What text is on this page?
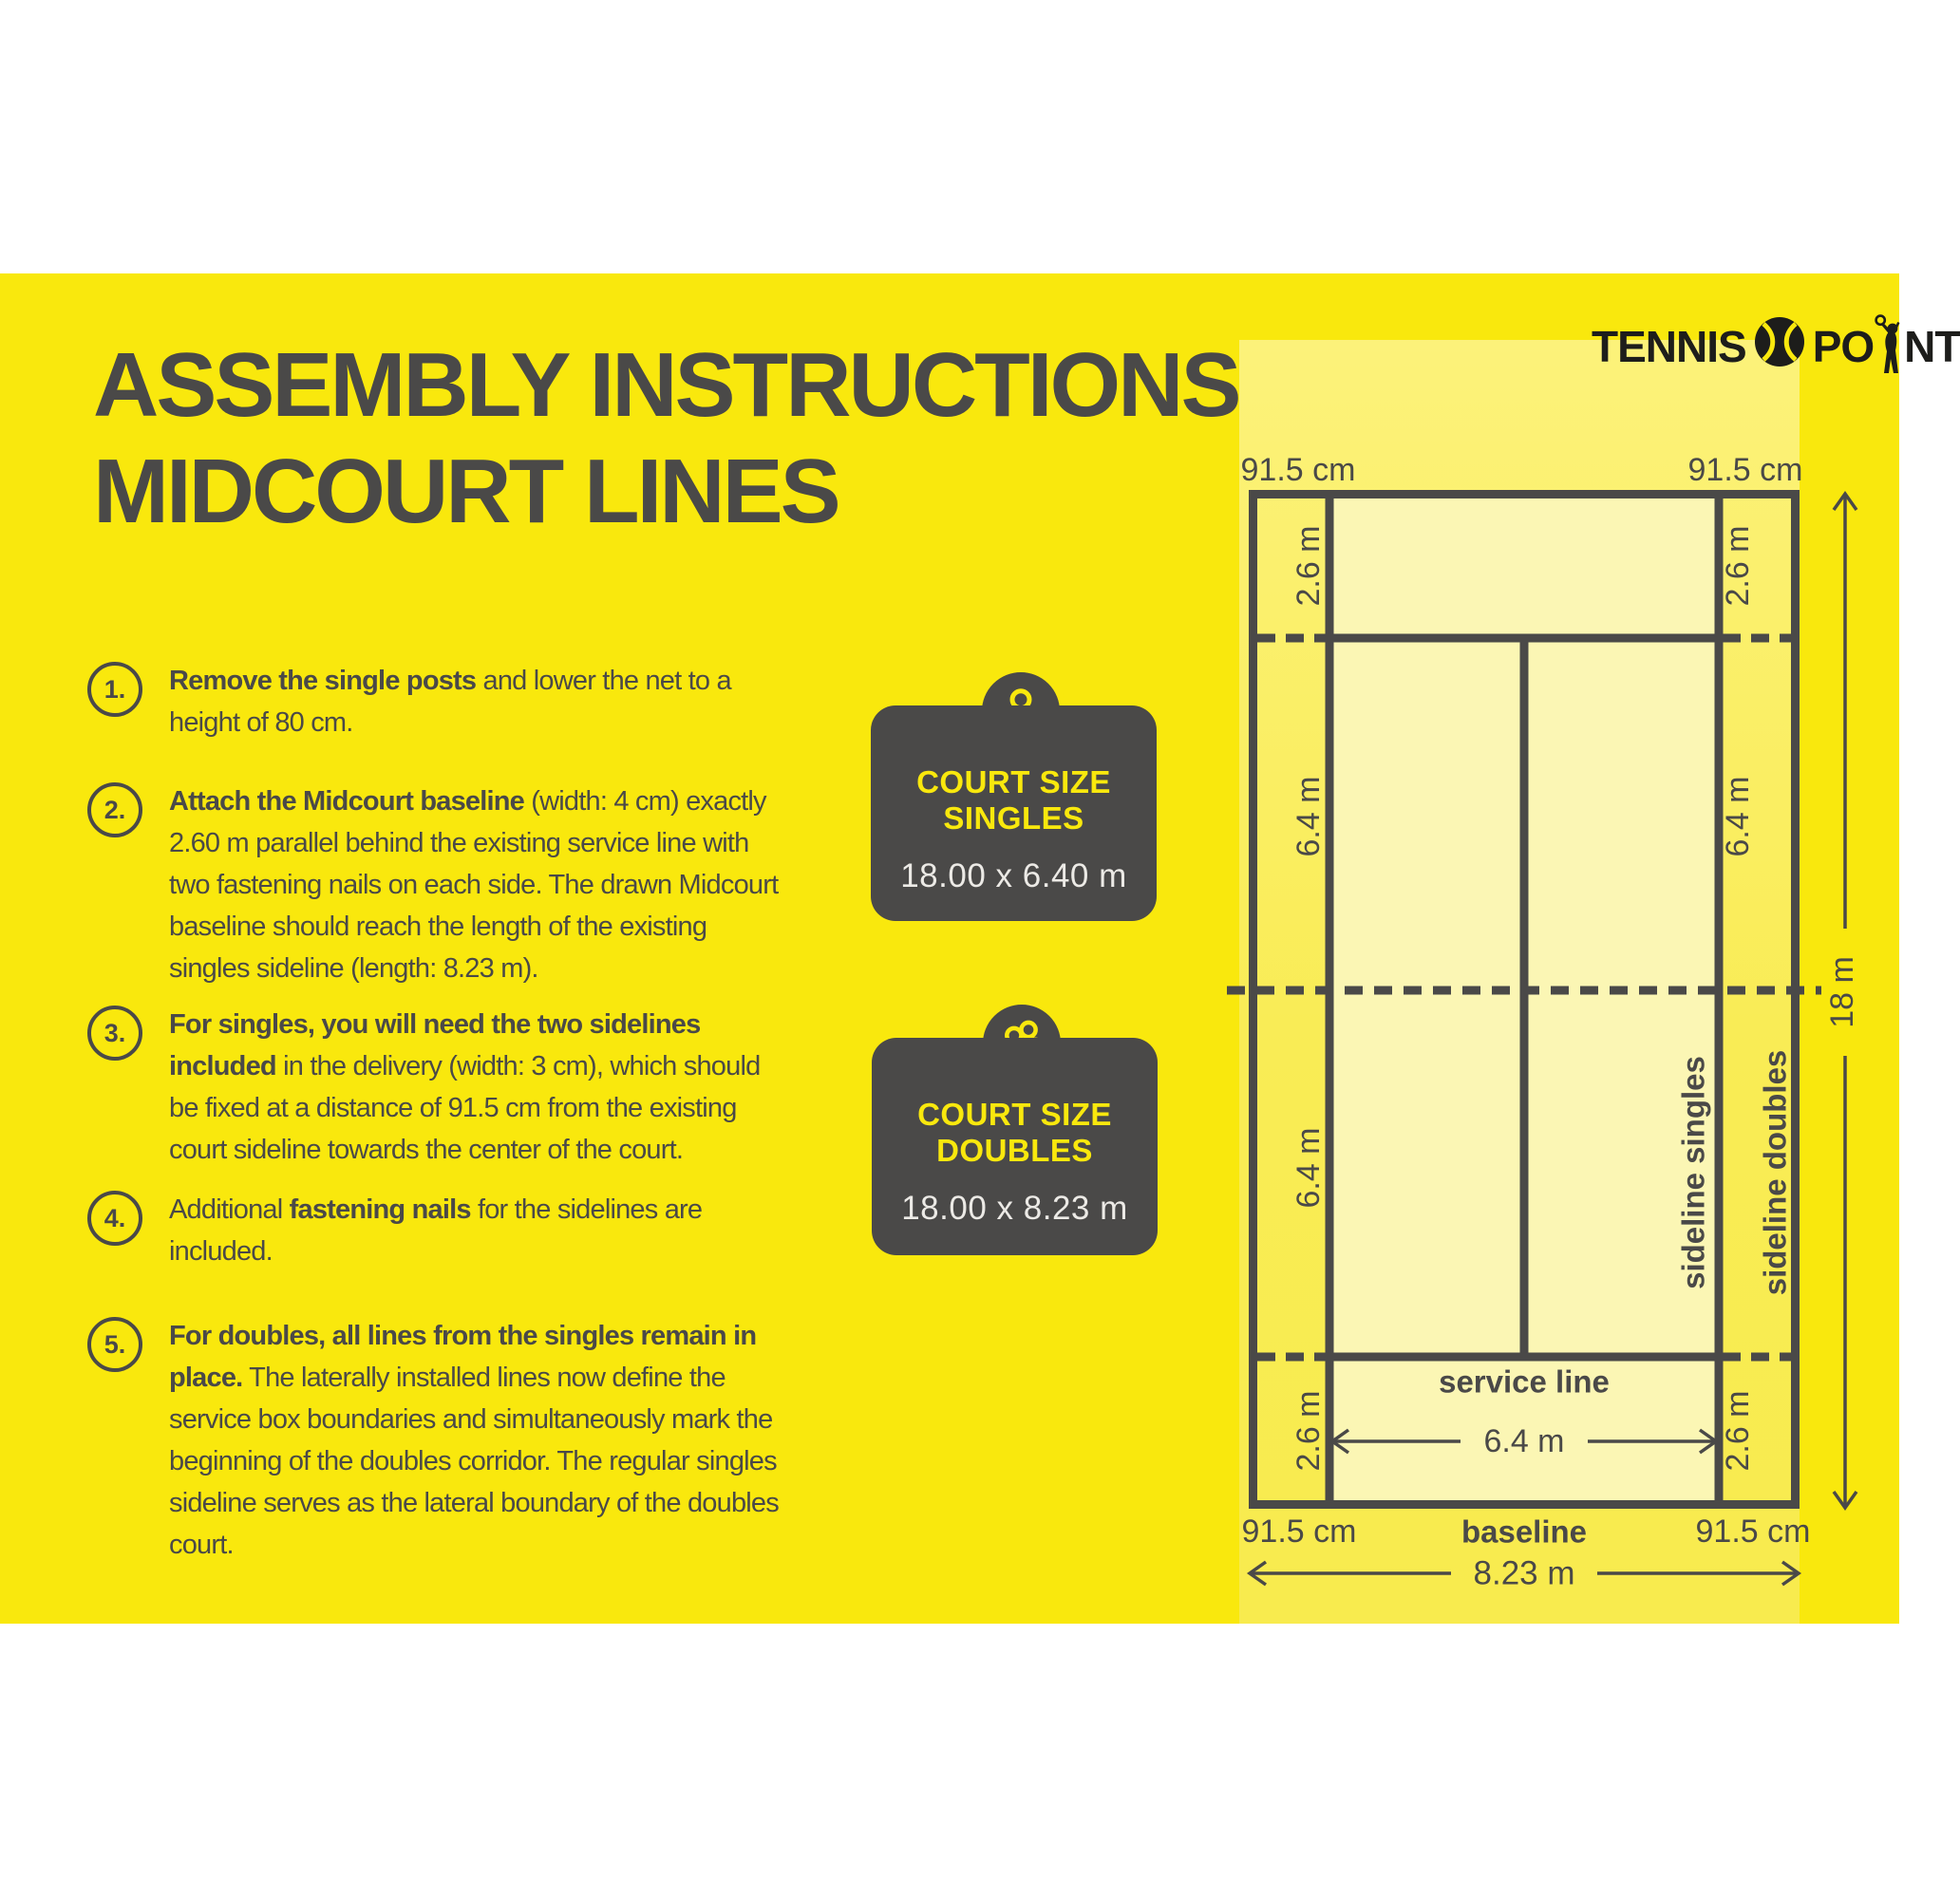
ASSEMBLY INSTRUCTIONS
MIDCOURT LINES
TENNIS PO NT
1.	Remove the single posts and lower the net to a height of 80 cm.
2.	Attach the Midcourt baseline (width: 4 cm) exactly 2.60 m parallel behind the existing service line with two fastening nails on each side. The drawn Midcourt baseline should reach the length of the existing singles sideline (length: 8.23 m).
3.	For singles, you will need the two sidelines included in the delivery (width: 3 cm), which should be fixed at a distance of 91.5 cm from the existing court sideline towards the center of the court.
4.	Additional fastening nails for the sidelines are included.
5.	For doubles, all lines from the singles remain in place. The laterally installed lines now define the service box boundaries and simultaneously mark the beginning of the doubles corridor. The regular singles sideline serves as the lateral boundary of the doubles court.
COURT SIZE
SINGLES
18.00 x 6.40 m
COURT SIZE
DOUBLES
18.00 x 8.23 m
91.5 cm	91.5 cm
2.6 m	2.6 m
2.6 m	2.6 m
6.4 m	6.4 m
6.4 m	sideline singles sideline doubles
service line
6.4 m
91.5 cm	baseline	91.5 cm
8.23 m
18 m
